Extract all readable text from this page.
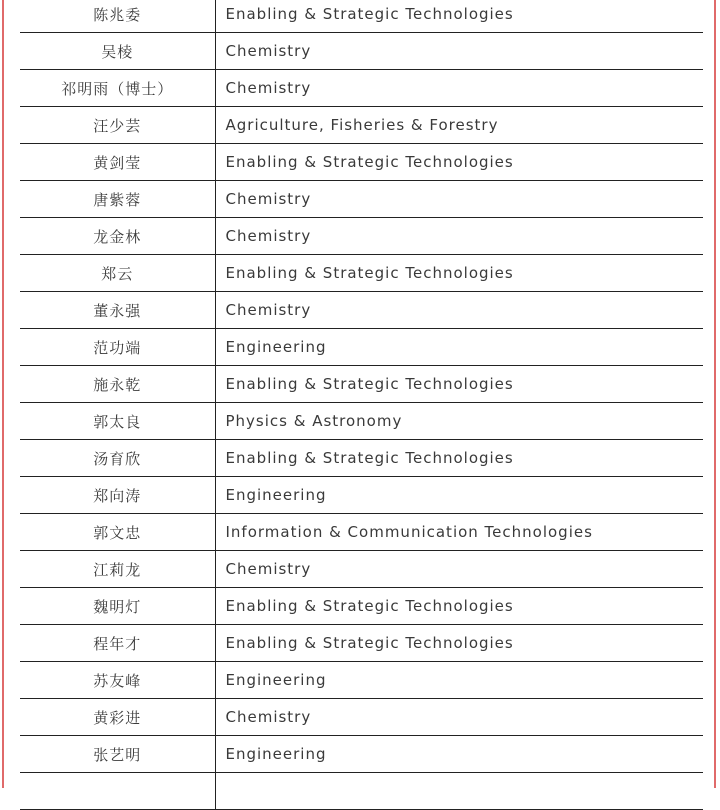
陈兆委	Enabling & Strategic Technologies
吴棱	Chemistry
祁明雨（博士）	Chemistry
汪少芸	Agriculture, Fisheries & Forestry
黄剑莹	Enabling & Strategic Technologies
唐紫蓉	Chemistry
龙金林	Chemistry
郑云	Enabling & Strategic Technologies
董永强	Chemistry
范功端	Engineering
施永乾	Enabling & Strategic Technologies
郭太良	Physics & Astronomy
汤育欣	Enabling & Strategic Technologies
郑向涛	Engineering
郭文忠	Information & Communication Technologies
江莉龙	Chemistry
魏明灯	Enabling & Strategic Technologies
程年才	Enabling & Strategic Technologies
苏友峰	Engineering
黄彩进	Chemistry
张艺明	Engineering
